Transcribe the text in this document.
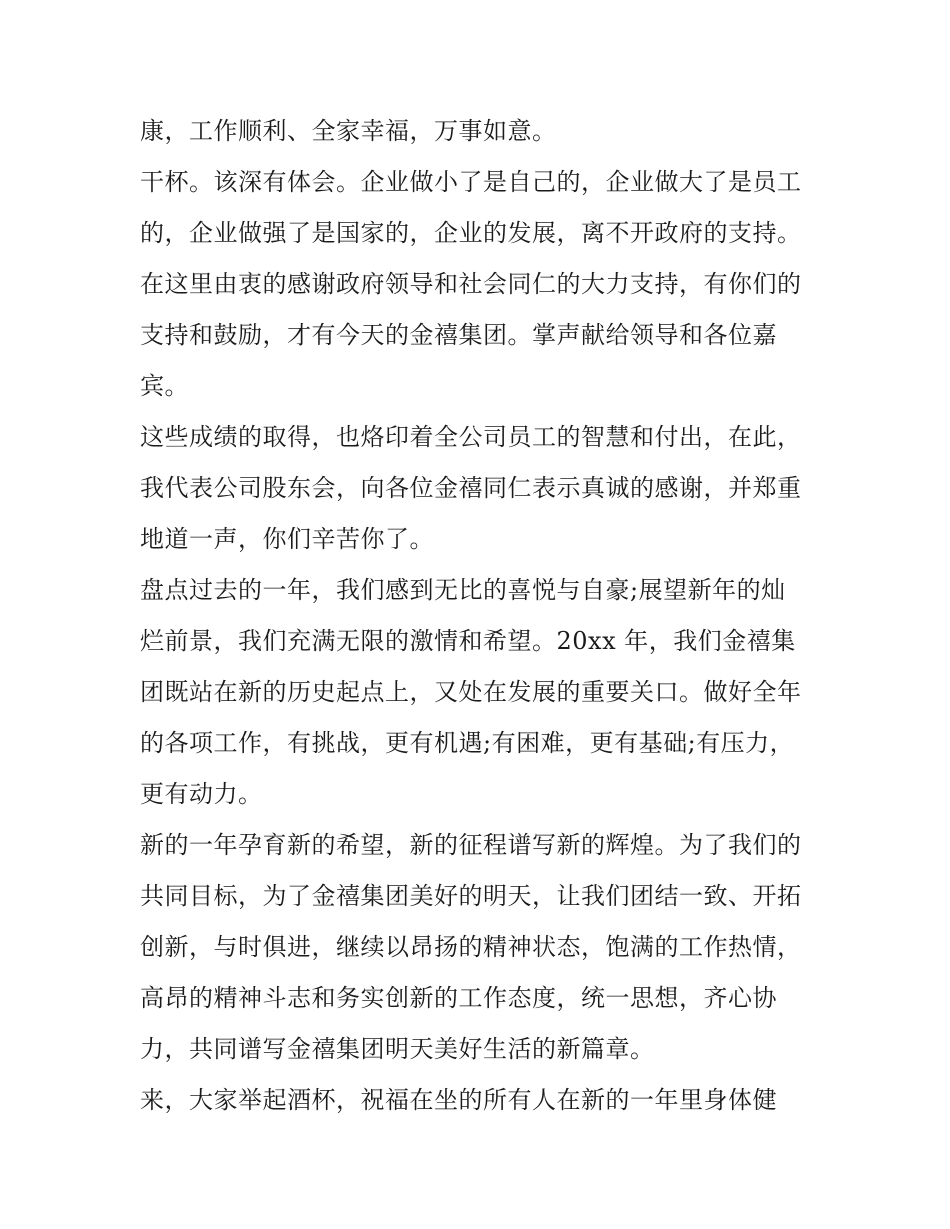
康，工作顺利、全家幸福，万事如意。
干杯。该深有体会。企业做小了是自己的，企业做大了是员工
的，企业做强了是国家的，企业的发展，离不开政府的支持。
在这里由衷的感谢政府领导和社会同仁的大力支持，有你们的
支持和鼓励，才有今天的金禧集团。掌声献给领导和各位嘉
宾。
这些成绩的取得，也烙印着全公司员工的智慧和付出，在此，
我代表公司股东会，向各位金禧同仁表示真诚的感谢，并郑重
地道一声，你们辛苦你了。
盘点过去的一年，我们感到无比的喜悦与自豪;展望新年的灿
烂前景，我们充满无限的激情和希望。20xx 年，我们金禧集
团既站在新的历史起点上，又处在发展的重要关口。做好全年
的各项工作，有挑战，更有机遇;有困难，更有基础;有压力，
更有动力。
新的一年孕育新的希望，新的征程谱写新的辉煌。为了我们的
共同目标，为了金禧集团美好的明天，让我们团结一致、开拓
创新，与时俱进，继续以昂扬的精神状态，饱满的工作热情，
高昂的精神斗志和务实创新的工作态度，统一思想，齐心协
力，共同谱写金禧集团明天美好生活的新篇章。
来，大家举起酒杯，祝福在坐的所有人在新的一年里身体健
